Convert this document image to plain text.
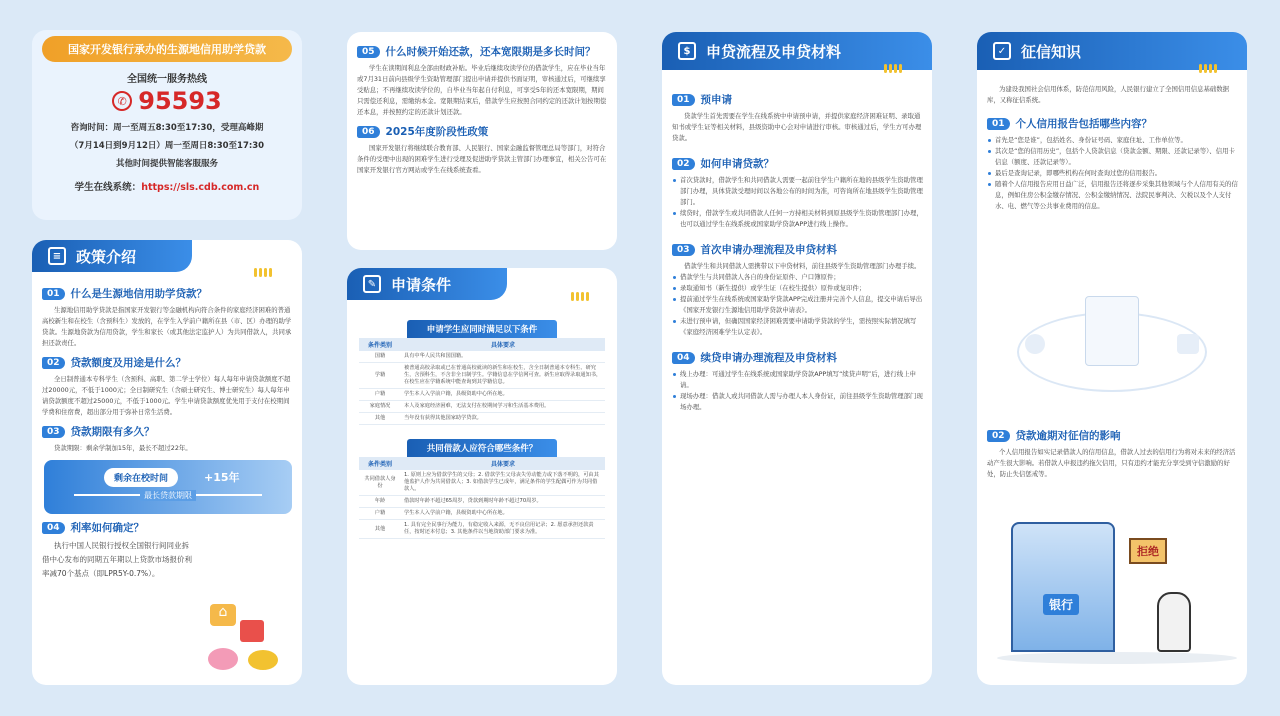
国家开发银行承办的生源地信用助学贷款
全国统一服务热线
✆ 95593
咨询时间：周一至周五8:30至17:30，受理高峰期
（7月14日到9月12日）周一至周日8:30至17:30
其他时间提供智能客服服务
学生在线系统：https://sls.cdb.com.cn
≡ 政策介绍
01	什么是生源地信用助学贷款？
生源地信用助学贷款是指国家开发银行等金融机构向符合条件的家庭经济困难的普通高校新生和在校生（含预科生）发放的，在学生入学前户籍所在县（市、区）办理的助学贷款。生源地贷款为信用贷款，学生和家长（或其他法定监护人）为共同借款人，共同承担还款责任。
02	贷款额度及用途是什么？
全日制普通本专科学生（含预科、高职、第二学士学位）每人每年申请贷款额度不超过20000元，不低于1000元；全日制研究生（含硕士研究生、博士研究生）每人每年申请贷款额度不超过25000元，不低于1000元。学生申请贷款额度优先用于支付在校期间学费和住宿费，超出部分用于弥补日常生活费。
03	贷款期限有多久？
贷款期限：剩余学制加15年，最长不超过22年。
剩余在校时间	+15年
最长贷款期限
04	利率如何确定？
执行中国人民银行授权全国银行间同业拆借中心发布的同期五年期以上贷款市场报价利率减70个基点（即LPR5Y-0.7%）。
⌂
05	什么时候开始还款，还本宽限期是多长时间？
学生在读期间利息全部由财政补贴。毕业后继续攻读学位的借款学生，应在毕业当年或7月31日前向县级学生资助管理部门提出申请并提供书面证明，审核通过后，可继续享受贴息；不再继续攻读学位的，自毕业当年起自付利息，可享受5年的还本宽限期，期间只需偿还利息，需缴纳本金。宽限期结束后，借款学生应按照合同约定的还款计划按期偿还本息，并按照约定的还款计划还款。
06	2025年度阶段性政策
国家开发银行将继续联合教育部、人民银行、国家金融监督管理总局等部门，对符合条件的受理中出现的困难学生进行受理及促进助学贷款主管部门办理事宜，相关公告可在国家开发银行官方网站或学生在线系统查看。
✎ 申请条件
申请学生应同时满足以下条件
条件类别	具体要求
国籍	具有中华人民共和国国籍。
学籍	被普通高校录取或已在普通高校就读的新生和在校生，含全日制普通本专科生、研究生，含预科生，不含非全日制学生。学籍信息在学信网可查。新生应取得录取通知书，在校生应在学籍系统中能查询到其学籍信息。
户籍	学生本人入学前户籍，县级资助中心所在地。
家庭情况	本人及家庭经济困难，无法支付在校期间学习和生活基本费用。
其他	当年没有获得其他国家助学贷款。
共同借款人应符合哪些条件？
条件类别	具体要求
共同借款人身份	1. 原则上应为借款学生的父母；2. 借款学生父母丧失劳动能力或下落不明的，可由其他监护人作为共同借款人；3. 如借款学生已成年，满足条件的学生配偶可作为共同借款人。
年龄	借款时年龄不超过65周岁，贷款到期时年龄不超过70周岁。
户籍	学生本人入学前户籍，县级资助中心所在地。
其他	1. 具有完全民事行为能力，有稳定收入来源，无不良信用记录；2. 愿意承担还款责任，按时还本付息；3. 其他条件以当地资助部门要求为准。
$	申贷流程及申贷材料
01	预申请
贷款学生首先需要在学生在线系统中申请预申请，并提供家庭经济困难证明、录取通知书或学生证等相关材料，县级资助中心会对申请进行审核。审核通过后，学生方可办理贷款。
02	如何申请贷款？
首次贷款时，借款学生和共同借款人需要一起前往学生户籍所在地的县级学生资助管理部门办理，具体贷款受理时间以各地公布的时间为准，可咨询所在地县级学生资助管理部门。
续贷时，借款学生或共同借款人任何一方持相关材料到原县级学生资助管理部门办理，也可以通过学生在线系统或国家助学贷款APP进行线上操作。
03	首次申请办理流程及申贷材料
借款学生和共同借款人需携带以下申贷材料，前往县级学生资助管理部门办理手续。
借款学生与共同借款人各自的身份证原件、户口簿原件；
录取通知书（新生提供）或学生证（在校生提供）原件或复印件；
提前通过学生在线系统或国家助学贷款APP完成注册并完善个人信息，提交申请后导出《国家开发银行生源地信用助学贷款申请表》。
未进行预申请，但确因国家经济困难需要申请助学贷款的学生，需按照实际情况填写《家庭经济困难学生认定表》。
04	续贷申请办理流程及申贷材料
线上办理：可通过学生在线系统或国家助学贷款APP填写“续贷声明”后，进行线上申请。
现场办理：借款人或共同借款人需与办理人本人身份证，前往县级学生资助管理部门现场办理。
✓ 征信知识
为建设我国社会信用体系，防范信用风险，人民银行建立了全国信用信息基础数据库，又称征信系统。
01	个人信用报告包括哪些内容？
首先是“您是谁”，包括姓名、身份证号码、家庭住址、工作单位等。
其次是“您的信用历史”，包括个人贷款信息（贷款金额、期限、还款记录等）、信用卡信息（额度、还款记录等）。
最后是查询记录，即哪些机构在何时查询过您的信用报告。
随着个人信用报告应用日益广泛，信用报告还将逐步采集其他领域与个人信用有关的信息，例如住房公积金缴存情况、公积金缴纳情况、法院民事判决、欠税以及个人支付水、电、燃气等公共事业费用的信息。
02	贷款逾期对征信的影响
个人信用报告如实记录借款人的信用信息，借款人过去的信用行为将对未来的经济活动产生很大影响。若借款人申报违约拖欠信用，只有违约才能充分享受到守信激励的好处，防止失信惩戒等。
银行
拒绝
